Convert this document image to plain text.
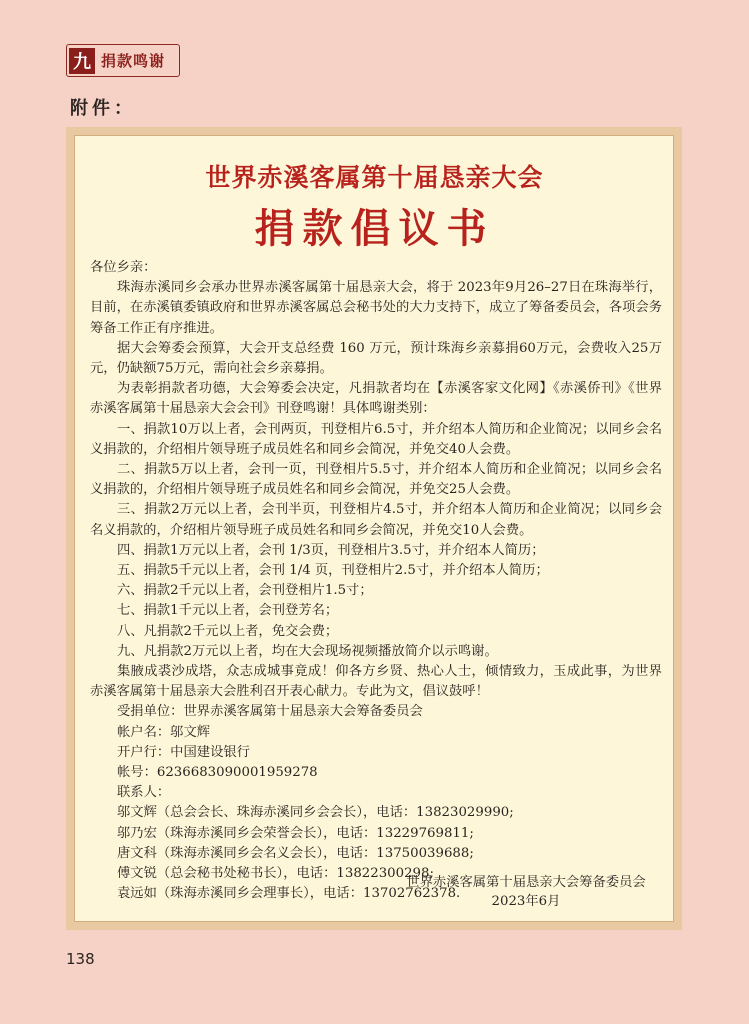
九 捐款鸣谢
附件：
世界赤溪客属第十届恳亲大会
捐款倡议书

各位乡亲：

珠海赤溪同乡会承办世界赤溪客属第十届恳亲大会，将于 2023年9月26–27日在珠海举行，目前，在赤溪镇委镇政府和世界赤溪客属总会秘书处的大力支持下，成立了筹备委员会，各项会务筹备工作正有序推进。

据大会筹委会预算，大会开支总经费 160 万元，预计珠海乡亲募捐60万元，会费收入25万元，仍缺额75万元，需向社会乡亲募捐。

为表彰捐款者功德，大会筹委会决定，凡捐款者均在【赤溪客家文化网】《赤溪侨刊》《世界赤溪客属第十届恳亲大会会刊》刊登鸣谢！具体鸣谢类别：

一、捐款10万以上者，会刊两页，刊登相片6.5寸，并介绍本人简历和企业简况；以同乡会名义捐款的，介绍相片领导班子成员姓名和同乡会简况，并免交40人会费。

二、捐款5万以上者，会刊一页，刊登相片5.5寸，并介绍本人简历和企业简况；以同乡会名义捐款的，介绍相片领导班子成员姓名和同乡会简况，并免交25人会费。

三、捐款2万元以上者，会刊半页，刊登相片4.5寸，并介绍本人简历和企业简况；以同乡会名义捐款的，介绍相片领导班子成员姓名和同乡会简况，并免交10人会费。

四、捐款1万元以上者，会刊 1/3页，刊登相片3.5寸，并介绍本人简历；

五、捐款5千元以上者，会刊 1/4 页，刊登相片2.5寸，并介绍本人简历；

六、捐款2千元以上者，会刊登相片1.5寸；

七、捐款1千元以上者，会刊登芳名；

八、凡捐款2千元以上者，免交会费；

九、凡捐款2万元以上者，均在大会现场视频播放简介以示鸣谢。

集腋成裘沙成塔，众志成城事竟成！仰各方乡贤、热心人士，倾情致力，玉成此事，为世界赤溪客属第十届恳亲大会胜利召开表心献力。专此为文，倡议鼓呼！

受捐单位：世界赤溪客属第十届恳亲大会筹备委员会

帐户名：邬文辉

开户行：中国建设银行

帐号：6236683090001959278

联系人：

邬文辉（总会会长、珠海赤溪同乡会会长），电话：13823029990;

邬乃宏（珠海赤溪同乡会荣誉会长），电话：13229769811;

唐文科（珠海赤溪同乡会名义会长），电话：13750039688;

傅文锐（总会秘书处秘书长），电话：13822300298;

袁远如（珠海赤溪同乡会理事长），电话：13702762378.

世界赤溪客属第十届恳亲大会筹备委员会
2023年6月
138
